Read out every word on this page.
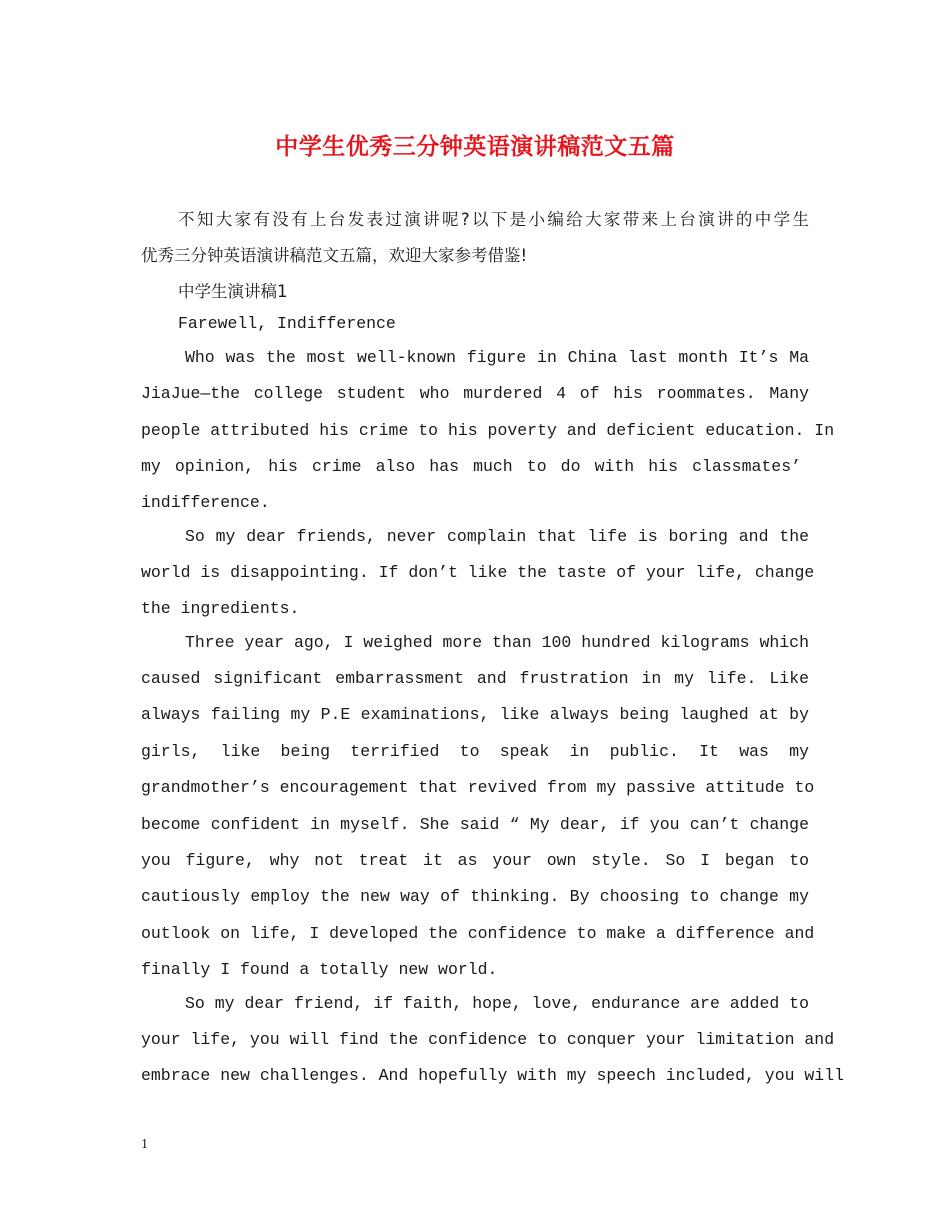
中学生优秀三分钟英语演讲稿范文五篇
不知大家有没有上台发表过演讲呢?以下是小编给大家带来上台演讲的中学生
优秀三分钟英语演讲稿范文五篇，欢迎大家参考借鉴!
中学生演讲稿1
Farewell, Indifference
Who was the most well-known figure in China last month It’s Ma
JiaJue—the college student who murdered 4 of his roommates. Many
people attributed his crime to his poverty and deficient education. In
my opinion, his crime also has much to do with his classmates’
indifference.
So my dear friends, never complain that life is boring and the
world is disappointing. If don’t like the taste of your life, change
the ingredients.
Three year ago, I weighed more than 100 hundred kilograms which
caused significant embarrassment and frustration in my life. Like
always failing my P.E examinations, like always being laughed at by
girls, like being terrified to speak in public. It was my
grandmother’s encouragement that revived from my passive attitude to
become confident in myself. She said “ My dear, if you can’t change
you figure, why not treat it as your own style. So I began to
cautiously employ the new way of thinking. By choosing to change my
outlook on life, I developed the confidence to make a difference and
finally I found a totally new world.
So my dear friend, if faith, hope, love, endurance are added to
your life, you will find the confidence to conquer your limitation and
embrace new challenges. And hopefully with my speech included, you will
1
